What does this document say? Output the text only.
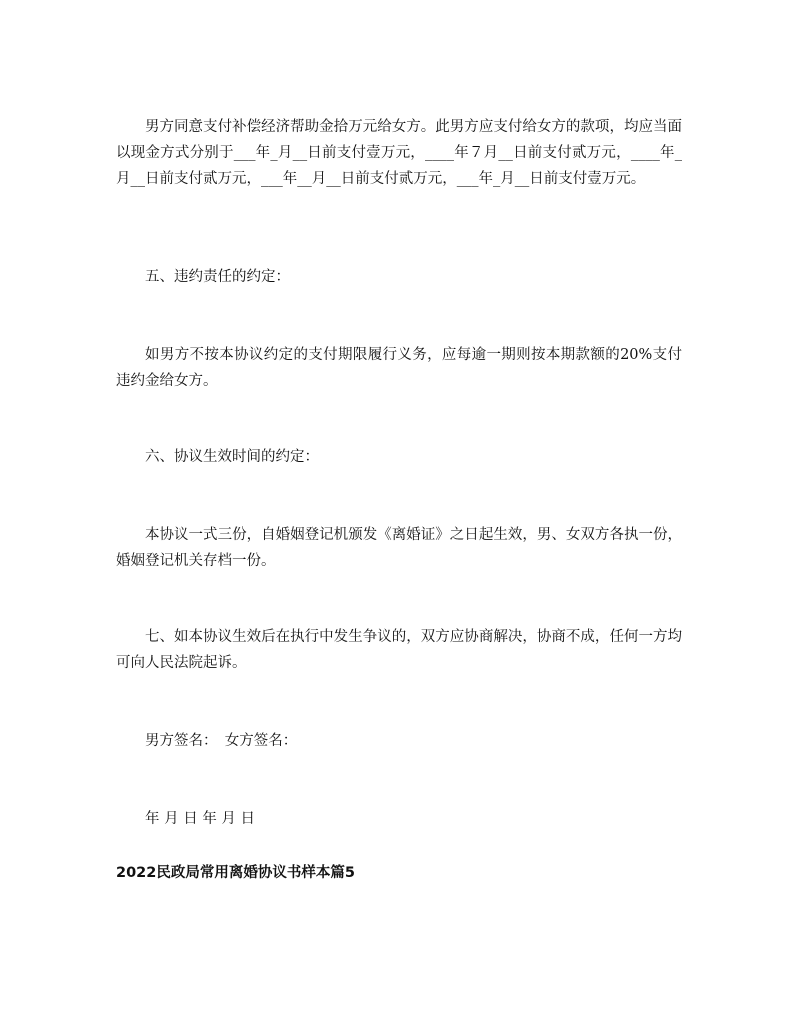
男方同意支付补偿经济帮助金拾万元给女方。此男方应支付给女方的款项，均应当面以现金方式分别于___年_月__日前支付壹万元，____年７月__日前支付贰万元，____年_月__日前支付贰万元，___年__月__日前支付贰万元，___年_月__日前支付壹万元。

五、违约责任的约定：

如男方不按本协议约定的支付期限履行义务，应每逾一期则按本期款额的20%支付违约金给女方。

六、协议生效时间的约定：

本协议一式三份，自婚姻登记机颁发《离婚证》之日起生效，男、女双方各执一份，婚姻登记机关存档一份。

七、如本协议生效后在执行中发生争议的，双方应协商解决，协商不成，任何一方均可向人民法院起诉。

男方签名：　女方签名：

年 月 日 年 月 日

2022民政局常用离婚协议书样本篇5
